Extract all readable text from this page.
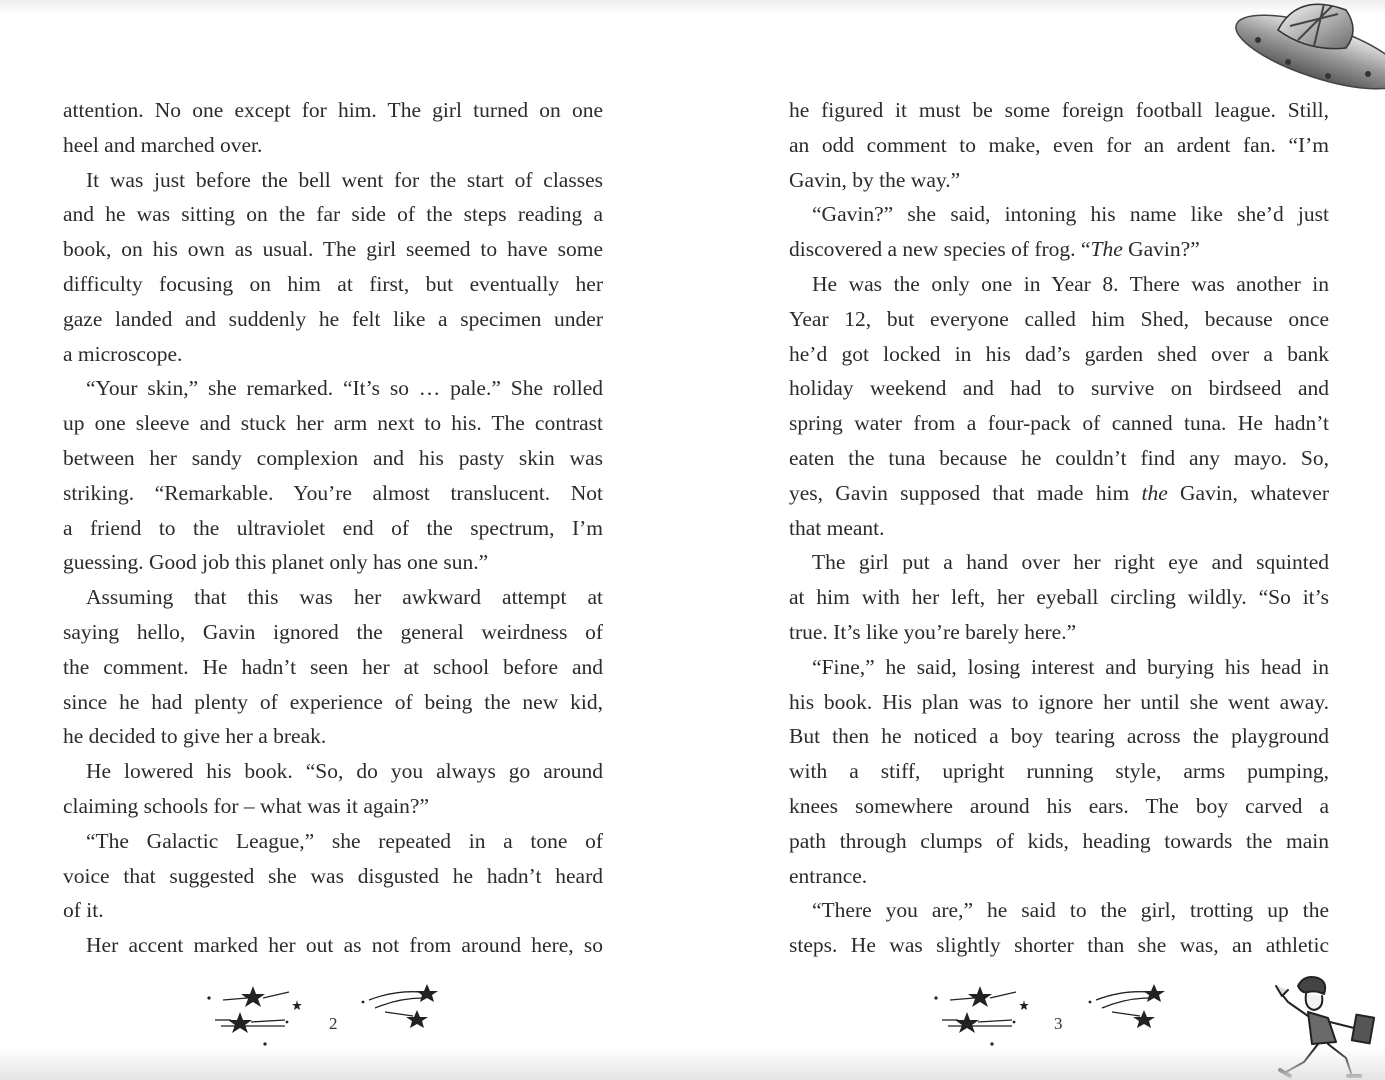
attention. No one except for him. The girl turned on one

heel and marched over.

It was just before the bell went for the start of classes

and he was sitting on the far side of the steps reading a

book, on his own as usual. The girl seemed to have some

difficulty focusing on him at first, but eventually her

gaze landed and suddenly he felt like a specimen under

a microscope.

“Your skin,” she remarked. “It’s so … pale.” She rolled

up one sleeve and stuck her arm next to his. The contrast

between her sandy complexion and his pasty skin was

striking. “Remarkable. You’re almost translucent. Not

a friend to the ultraviolet end of the spectrum, I’m

guessing. Good job this planet only has one sun.”

Assuming that this was her awkward attempt at

saying hello, Gavin ignored the general weirdness of

the comment. He hadn’t seen her at school before and

since he had plenty of experience of being the new kid,

he decided to give her a break.

He lowered his book. “So, do you always go around

claiming schools for – what was it again?”

“The Galactic League,” she repeated in a tone of

voice that suggested she was disgusted he hadn’t heard

of it.

Her accent marked her out as not from around here, so

he figured it must be some foreign football league. Still,

an odd comment to make, even for an ardent fan. “I’m

Gavin, by the way.”

“Gavin?” she said, intoning his name like she’d just

discovered a new species of frog. “The Gavin?”

He was the only one in Year 8. There was another in

Year 12, but everyone called him Shed, because once

he’d got locked in his dad’s garden shed over a bank

holiday weekend and had to survive on birdseed and

spring water from a four-pack of canned tuna. He hadn’t

eaten the tuna because he couldn’t find any mayo. So,

yes, Gavin supposed that made him the Gavin, whatever

that meant.

The girl put a hand over her right eye and squinted

at him with her left, her eyeball circling wildly. “So it’s

true. It’s like you’re barely here.”

“Fine,” he said, losing interest and burying his head in

his book. His plan was to ignore her until she went away.

But then he noticed a boy tearing across the playground

with a stiff, upright running style, arms pumping,

knees somewhere around his ears. The boy carved a

path through clumps of kids, heading towards the main

entrance.

“There you are,” he said to the girl, trotting up the

steps. He was slightly shorter than she was, an athletic

2	3
